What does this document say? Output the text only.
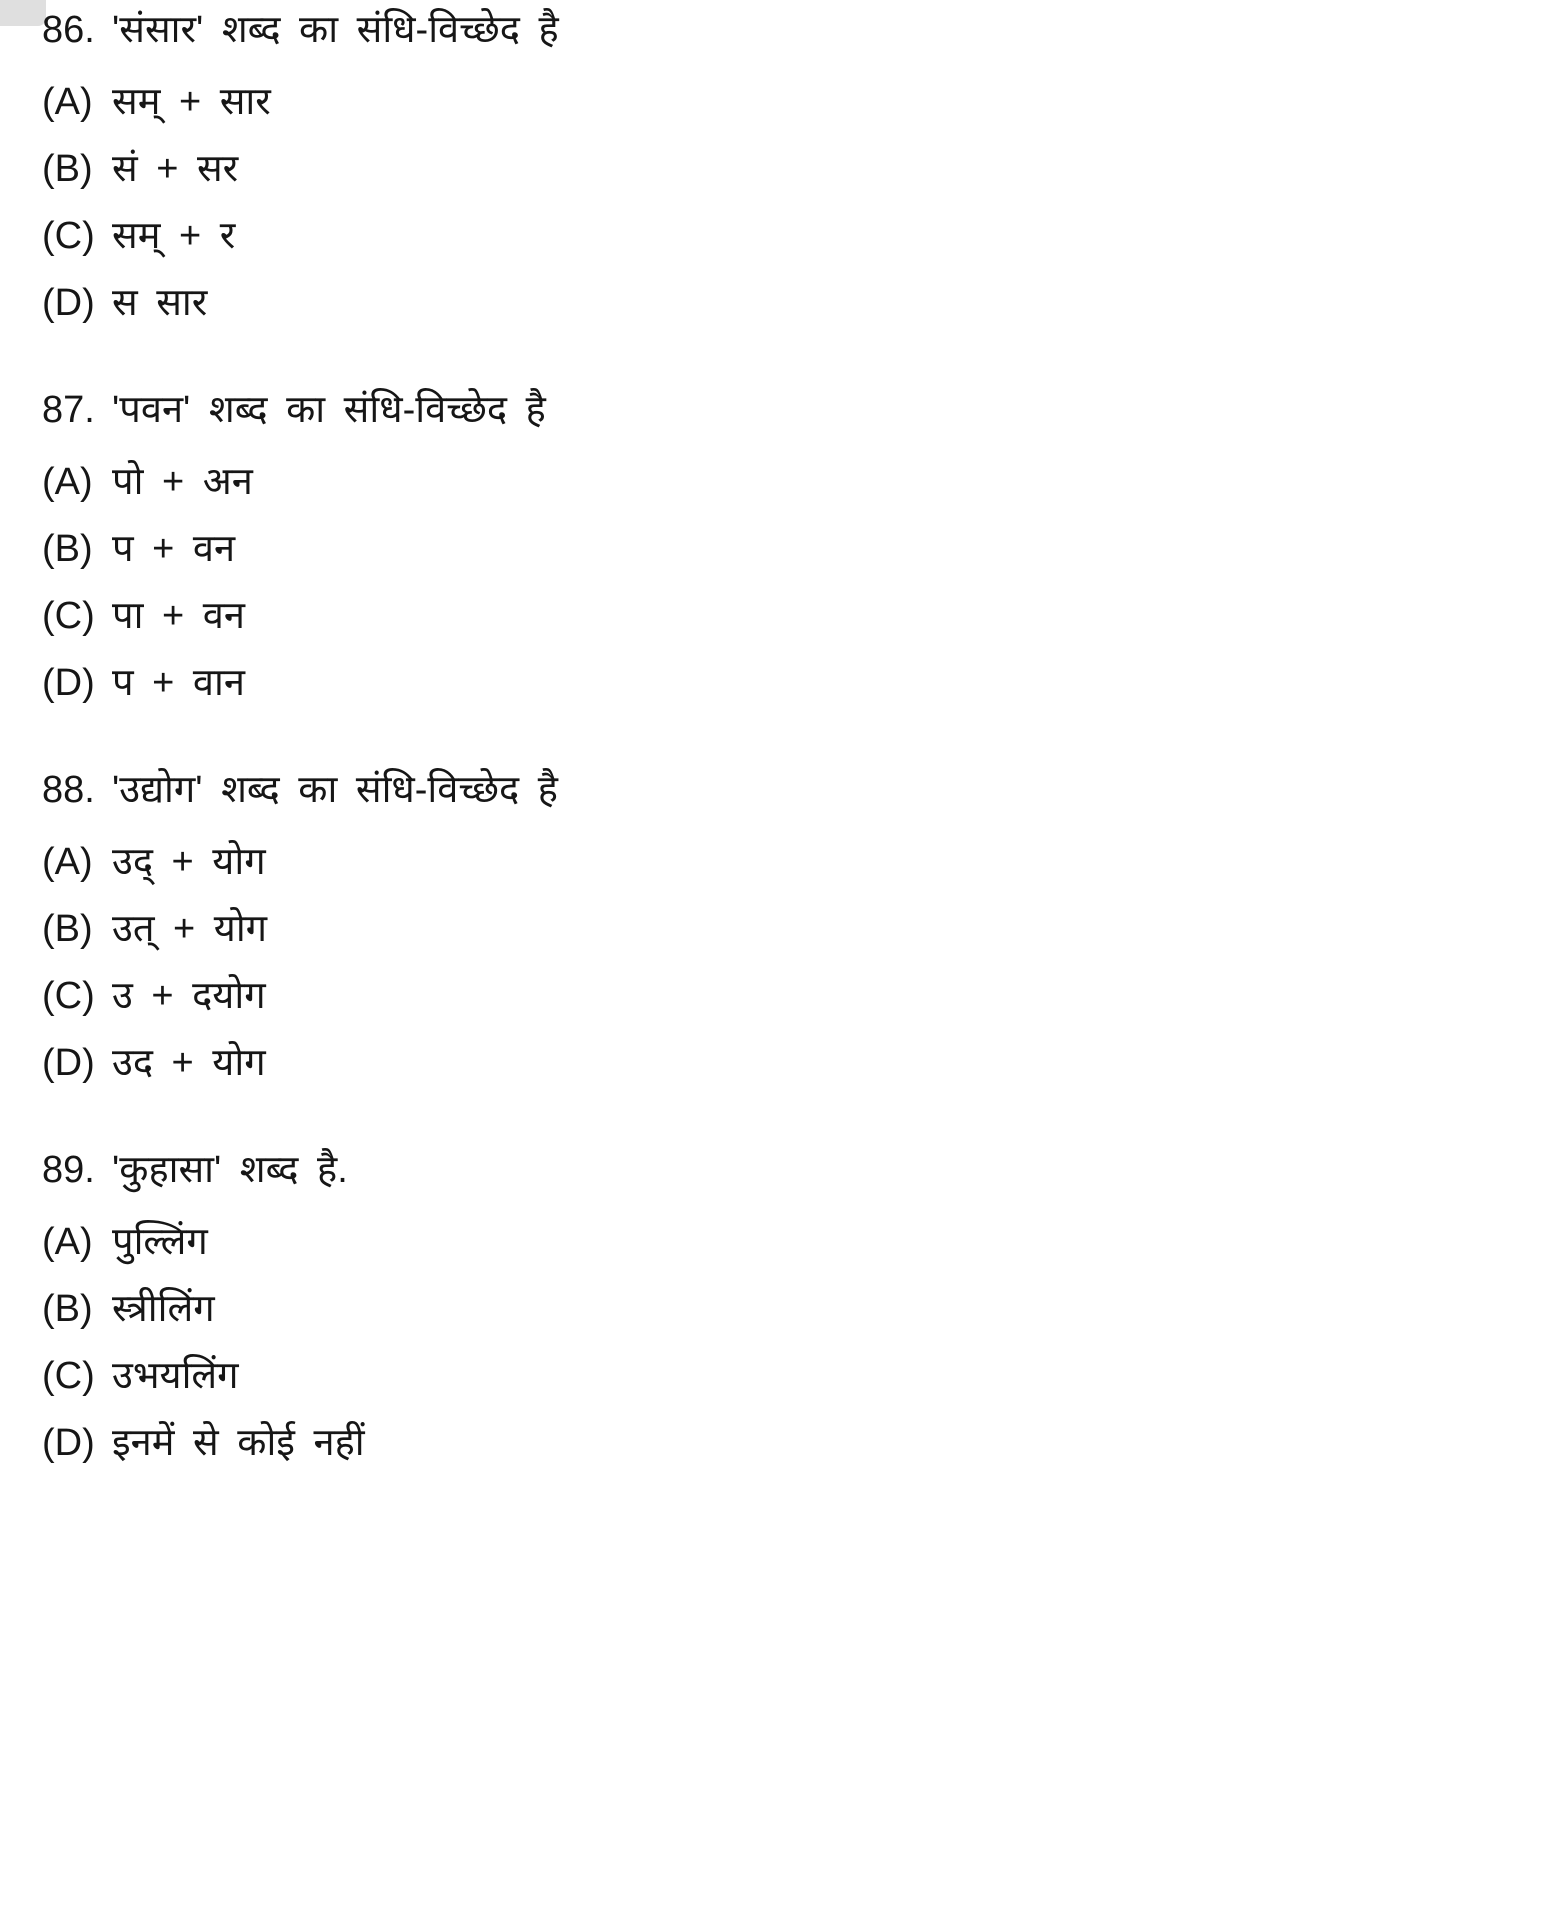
86. 'संसार' शब्द का संधि-विच्छेद है
(A) सम् + सार
(B) सं + सर
(C) सम् + र
(D) स सार
87. 'पवन' शब्द का संधि-विच्छेद है
(A) पो + अन
(B) प + वन
(C) पा + वन
(D) प + वान
88. 'उद्योग' शब्द का संधि-विच्छेद है
(A) उद् + योग
(B) उत् + योग
(C) उ + दयोग
(D) उद + योग
89. 'कुहासा' शब्द है.
(A) पुल्लिंग
(B) स्त्रीलिंग
(C) उभयलिंग
(D) इनमें से कोई नहीं
